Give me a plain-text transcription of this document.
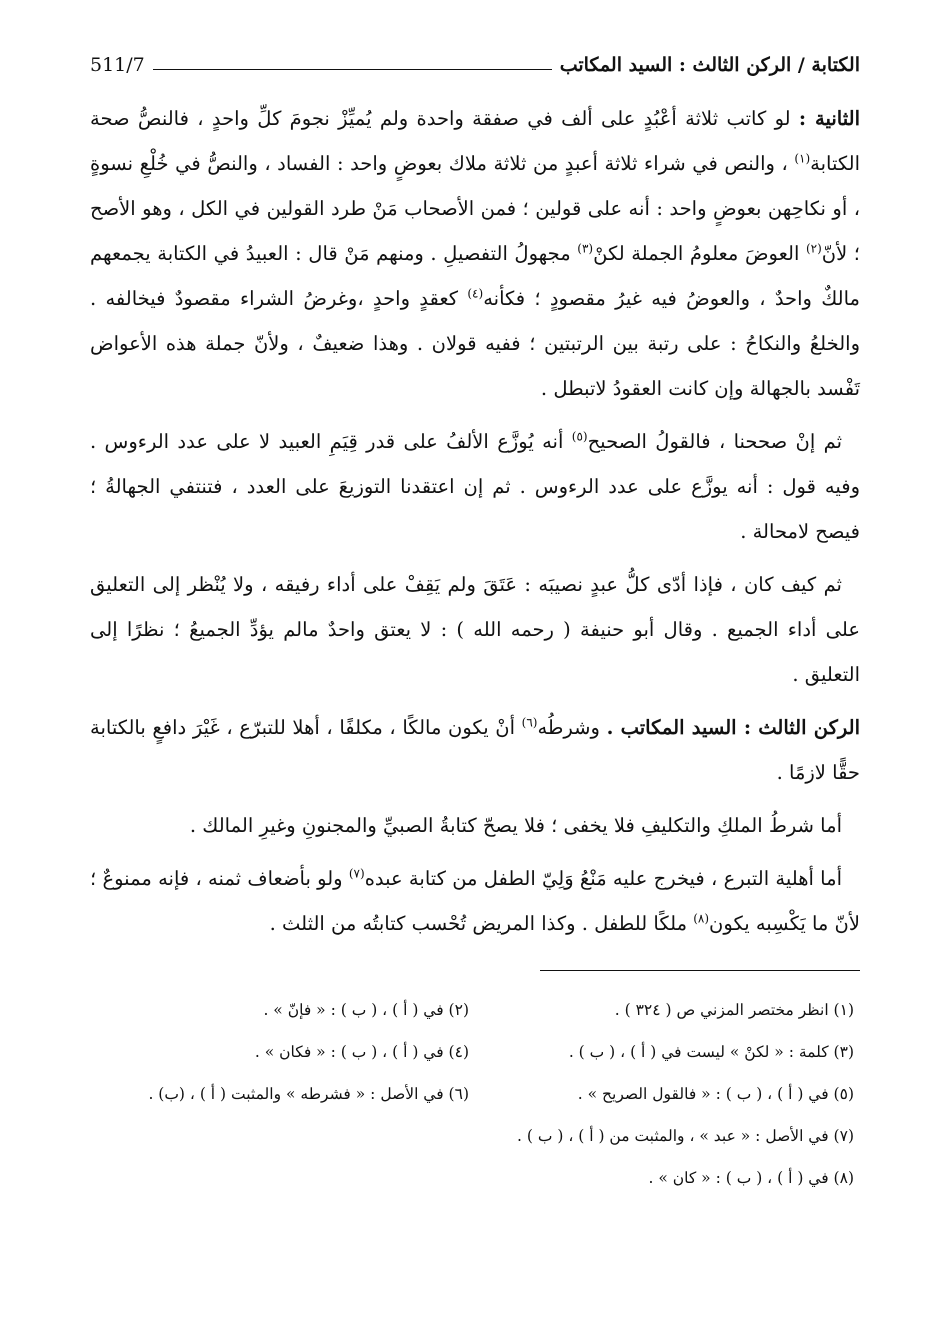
الكتابة / الركن الثالث : السيد المكاتب
511/7

الثانية : لو كاتب ثلاثة أعْبُدٍ على ألف في صفقة واحدة ولم يُميِّزْ نجومَ كلِّ واحدٍ ، فالنصُّ صحة الكتابة$^{(١)}$ ، والنص في شراء ثلاثة أعبدٍ من ثلاثة ملاك بعوضٍ واحد : الفساد ، والنصُّ في خُلْعِ نسوةٍ ، أو نكاحِهن بعوضٍ واحد : أنه على قولين ؛ فمن الأصحاب مَنْ طرد القولين في الكل ، وهو الأصح ؛ لأنّ$^{(٢)}$ العوضَ معلومُ الجملة لكنْ$^{(٣)}$ مجهولُ التفصيلِ . ومنهم مَنْ قال : العبيدُ في الكتابة يجمعهم مالكٌ واحدٌ ، والعوضُ فيه غيرُ مقصودٍ ؛ فكأنه$^{(٤)}$ كعقدٍ واحدٍ ،وغرضُ الشراء مقصودٌ فيخالفه . والخلعُ والنكاحُ : على رتبة بين الرتبتين ؛ ففيه قولان . وهذا ضعيفٌ ، ولأنّ جملة هذه الأعواض تَفْسد بالجهالة وإن كانت العقودُ لاتبطل .

ثم إنْ صححنا ، فالقولُ الصحيح$^{(٥)}$ أنه يُوزَّع الألفُ على قدر قِيَمِ العبيد لا على عدد الرءوس . وفيه قول : أنه يوزَّع على عدد الرءوس . ثم إن اعتقدنا التوزيعَ على العدد ، فتنتفي الجهالةُ ؛ فيصح لامحالة .

ثم كيف كان ، فإذا أدّى كلُّ عبدٍ نصيبَه : عَتَقَ ولم يَقِفْ على أداء رفيقه ، ولا يُنْظر إلى التعليق على أداء الجميع . وقال أبو حنيفة ( رحمه الله ) : لا يعتق واحدٌ مالم يؤدِّ الجميعُ ؛ نظرًا إلى التعليق .

الركن الثالث : السيد المكاتب . وشرطُه$^{(٦)}$ أنْ يكون مالكًا ، مكلفًا ، أهلا للتبرّع ، غَيْرَ دافعٍ بالكتابة حقًّا لازمًا .

أما شرطُ الملكِ والتكليفِ فلا يخفى ؛ فلا يصحّ كتابةُ الصبيِّ والمجنونِ وغيرِ المالك .

أما أهلية التبرع ، فيخرج عليه مَنْعُ وَلِيّ الطفل من كتابة عبده$^{(٧)}$ ولو بأضعاف ثمنه ، فإنه ممنوعٌ ؛ لأنّ ما يَكْسِبه يكون$^{(٨)}$ ملكًا للطفل . وكذا المريض تُحْسب كتابتُه من الثلث .

(١) انظر مختصر المزني ص ( ٣٢٤ ) .
(٢) في ( أ ) ، ( ب ) : « فإنّ » .
(٣) كلمة : « لكنْ » ليست في ( أ ) ، ( ب ) .
(٤) في ( أ ) ، ( ب ) : « فكان » .
(٥) في ( أ ) ، ( ب ) : « فالقول الصريح » .
(٦) في الأصل : « فشرطه » والمثبت ( أ ) ، (ب) .
(٧) في الأصل : « عبد » ، والمثبت من ( أ ) ، ( ب ) .
(٨) في ( أ ) ، ( ب ) : « كان » .
